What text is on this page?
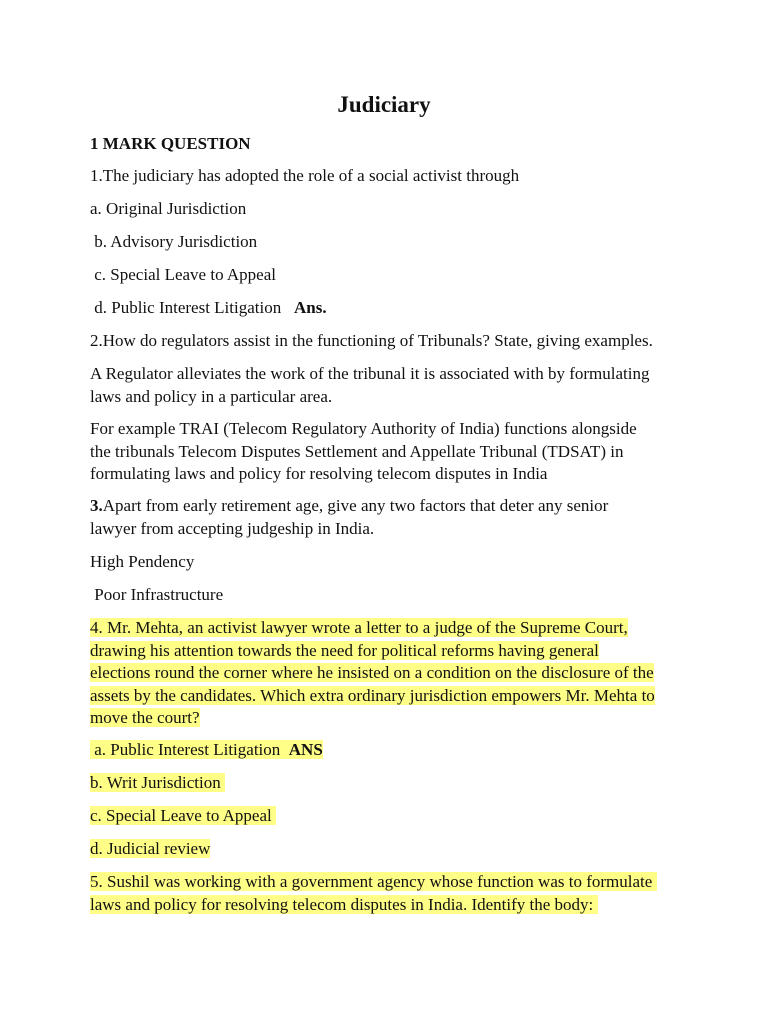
Judiciary
1 MARK QUESTION
1.The judiciary has adopted the role of a social activist through
a. Original Jurisdiction
b. Advisory Jurisdiction
c. Special Leave to Appeal
d. Public Interest Litigation   Ans.
2.How do regulators assist in the functioning of Tribunals? State, giving examples.
A Regulator alleviates the work of the tribunal it is associated with by formulating
laws and policy in a particular area.
For example TRAI (Telecom Regulatory Authority of India) functions alongside
the tribunals Telecom Disputes Settlement and Appellate Tribunal (TDSAT) in
formulating laws and policy for resolving telecom disputes in India
3.Apart from early retirement age, give any two factors that deter any senior
lawyer from accepting judgeship in India.
High Pendency
Poor Infrastructure
4. Mr. Mehta, an activist lawyer wrote a letter to a judge of the Supreme Court,
drawing his attention towards the need for political reforms having general
elections round the corner where he insisted on a condition on the disclosure of the
assets by the candidates. Which extra ordinary jurisdiction empowers Mr. Mehta to
move the court?
a. Public Interest Litigation  ANS
b. Writ Jurisdiction
c. Special Leave to Appeal
d. Judicial review
5. Sushil was working with a government agency whose function was to formulate
laws and policy for resolving telecom disputes in India. Identify the body:
